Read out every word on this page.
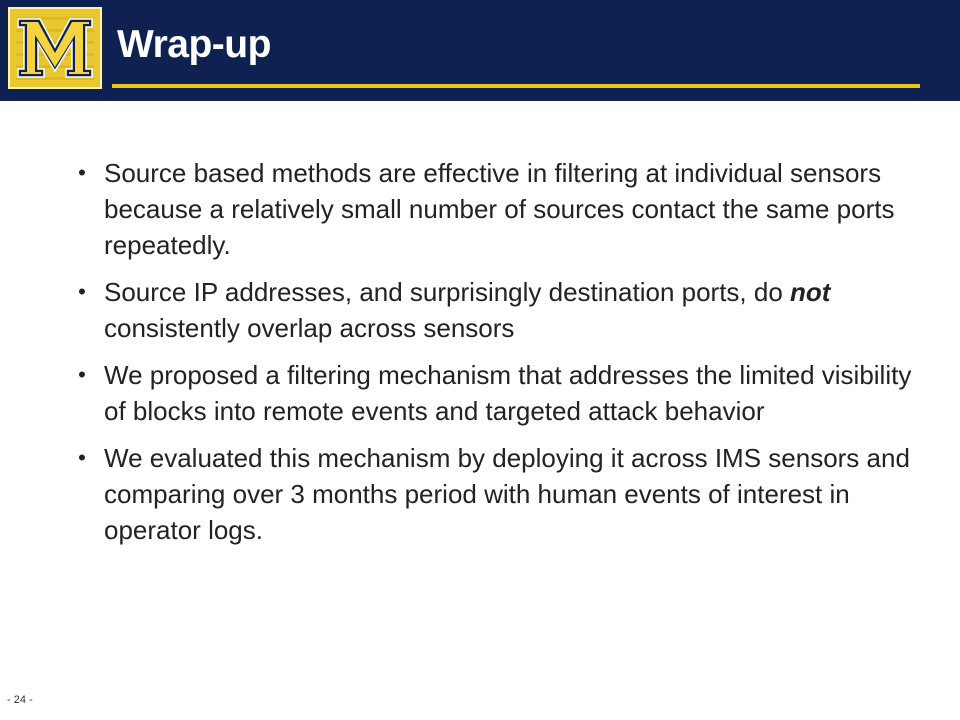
Wrap-up
• Source based methods are effective in filtering at individual sensors because a relatively small number of sources contact the same ports repeatedly.
• Source IP addresses, and surprisingly destination ports, do not consistently overlap across sensors
• We proposed a filtering mechanism that addresses the limited visibility of blocks into remote events and targeted attack behavior
• We evaluated this mechanism by deploying it across IMS sensors and comparing over 3 months period with human events of interest in operator logs.
- 24 -
